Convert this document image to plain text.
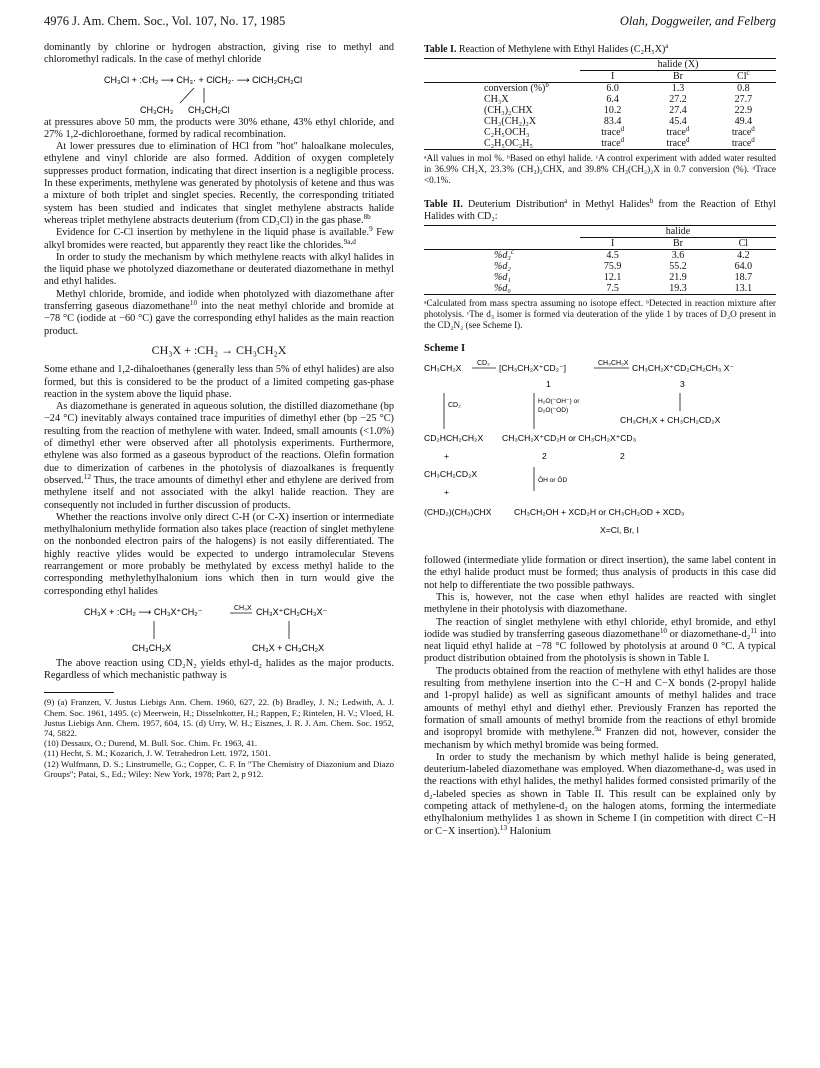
4976 J. Am. Chem. Soc., Vol. 107, No. 17, 1985	Olah, Doggweiler, and Felberg

dominantly by chlorine or hydrogen abstraction, giving rise to methyl and chloromethyl radicals. In the case of methyl chloride

CH₃Cl + :CH₂ ⟶ CH₃· + ClCH₂· ⟶ ClCH₂CH₂Cl
CH₃CH₃ CH₃CH₂Cl

at pressures above 50 mm, the products were 30% ethane, 43% ethyl chloride, and 27% 1,2-dichloroethane, formed by radical recombination.

At lower pressures due to elimination of HCl from "hot" haloalkane molecules, ethylene and vinyl chloride are also formed. Addition of oxygen completely suppresses product formation, indicating that direct insertion is a negligible process. In these experiments, methylene was generated by photolysis of ketene and thus was a mixture of both triplet and singlet species. Recently, the corresponding tritiated system has been studied and indicates that singlet methylene abstracts halide whereas triplet methylene abstracts deuterium (from CD₃Cl) in the gas phase.$^{8b}$

Evidence for C-Cl insertion by methylene in the liquid phase is available.$^9$ Few alkyl bromides were reacted, but apparently they react like the chlorides.$^{9a,d}$

In order to study the mechanism by which methylene reacts with alkyl halides in the liquid phase we photolyzed diazomethane or deuterated diazomethane in methyl and ethyl halides.

Methyl chloride, bromide, and iodide when photolyzed with diazomethane after transferring gaseous diazomethane$^{10}$ into the neat methyl chloride and bromide at −78 °C (iodide at −60 °C) gave the corresponding ethyl halides as the main reaction product.

CH₃X + :CH₂ → CH₃CH₂X

Some ethane and 1,2-dihaloethanes (generally less than 5% of ethyl halides) are also formed, but this is considered to be the product of a limited competing gas-phase reaction in the system above the liquid phase.

As diazomethane is generated in aqueous solution, the distilled diazomethane (bp −24 °C) inevitably always contained trace impurities of dimethyl ether (bp −25 °C) resulting from the reaction of methylene with water. Indeed, small amounts (<1.0%) of dimethyl ether were observed after all photolysis experiments. Furthermore, ethylene was also formed as a gaseous byproduct of the reactions. Olefin formation due to dimerization of carbenes in the photolysis of diazoalkanes is frequently observed.$^{12}$ Thus, the trace amounts of dimethyl ether and ethylene are derived from methylene itself and not associated with the alkyl halide reaction. They are consequently not included in further discussion of products.

Whether the reactions involve only direct C-H (or C-X) insertion or intermediate methylhalonium methylide formation also takes place (reaction of singlet methylene on the nonbonded electron pairs of the halogens) is not easily differentiated. The highly reactive ylides would be expected to undergo intramolecular Stevens rearrangement or more probably be methylated by excess methyl halide to the corresponding methylethylhalonium ions which then in turn would give the corresponding ethyl halides

CH₃X + :CH₂ ⟶ CH₃X⁺CH₂⁻	CH₃X CH₃X⁺CH₂CH₃X⁻
CH₃CH₂X	CH₃X + CH₃CH₂X

The above reaction using CD₂N₂ yields ethyl-d₂ halides as the major products. Regardless of which mechanistic pathway is

(9) (a) Franzen, V. Justus Liebigs Ann. Chem. 1960, 627, 22. (b) Bradley, J. N.; Ledwith, A. J. Chem. Soc. 1961, 1495. (c) Meerwein, H.; Disselnkotter, H.; Rappen, F.; Rintelen, H. V.; Vloed, H. Justus Liebigs Ann. Chem. 1957, 604, 15. (d) Urry, W. H.; Eisznes, J. R. J. Am. Chem. Soc. 1952, 74, 5822.

(10) Dessaux, O.; Durend, M. Bull. Soc. Chim. Fr. 1963, 41.

(11) Hecht, S. M.; Kozarich, J. W. Tetrahedron Lett. 1972, 1501.

(12) Wulfmann, D. S.; Linstrumelle, G.; Copper, C. F. In "The Chemistry of Diazonium and Diazo Groups"; Patai, S., Ed.; Wiley: New York, 1978; Part 2, p 912.

Table I. Reaction of Methylene with Ethyl Halides $(C_2H_5X)^a$
	halide (X)		
	I	Br	Cl$^c$
conversion (%)$^b$	6.0	1.3	0.8
CH₃X	6.4	27.2	27.7
(CH₃)₂CHX	10.2	27.4	22.9
CH₃(CH₂)₂X	83.4	45.4	49.4
C₂H₅OCH₃	trace$^d$	trace$^d$	trace$^d$
C₂H₅OC₂H₅	trace$^d$	trace$^d$	trace$^d$

ᵃAll values in mol %. ᵇBased on ethyl halide. ᶜA control experiment with added water resulted in 36.9% CH₃X, 23.3% (CH₃)₂CHX, and 39.8% CH₃(CH₂)₂X in 0.7 conversion (%). ᵈTrace <0.1%.

Table II. Deuterium Distribution$^a$ in Methyl Halides$^b$ from the Reaction of Ethyl Halides with CD₂:
	halide		
	I	Br	Cl
%d₃$^c$	4.5	3.6	4.2
%d₂	75.9	55.2	64.0
%d₁	12.1	21.9	18.7
%d₀	7.5	19.3	13.1

ᵃCalculated from mass spectra assuming no isotope effect. ᵇDetected in reaction mixture after photolysis. ᶜThe d₃ isomer is formed via deuteration of the ylide 1 by traces of D₂O present in the CD₂N₂ (see Scheme I).

Scheme I
CH₃CH₂X CD₂ [CH₃CH₂X⁺CD₂⁻]	CH₃CH₂X CH₃CH₂X⁺CD₂CH₂CH₃ X⁻
1	3
CD₂
H₂O(⁻OH⁻) or
D₂O(⁻OD)
CH₃CH₂X + CH₃CH₂CD₂X
CD₂HCH₂CH₂X CH₃CH₂X⁺CD₂H or CH₃CH₂X⁺CD₃
+	2	2
CH₃CH₂CD₂X
ŌH or ŌD
+
(CHD₂)(CH₃)CHX	CH₃CH₂OH + XCD₂H or CH₃CH₂OD + XCD₃
X=Cl, Br, I

followed (intermediate ylide formation or direct insertion), the same label content in the ethyl halide product must be formed; thus analysis of products in this case did not help to differentiate the two possible pathways.

This is, however, not the case when ethyl halides are reacted with singlet methylene in their photolysis with diazomethane.

The reaction of singlet methylene with ethyl chloride, ethyl bromide, and ethyl iodide was studied by transferring gaseous diazomethane$^{10}$ or diazomethane-d₂$^{11}$ into neat liquid ethyl halide at −78 °C followed by photolysis at around 0 °C. A typical product distribution obtained from the photolysis is shown in Table I.

The products obtained from the reaction of methylene with ethyl halides are those resulting from methylene insertion into the C−H and C−X bonds (2-propyl halide and 1-propyl halide) as well as significant amounts of methyl halides and trace amounts of methyl ethyl and diethyl ether. Previously Franzen has reported the formation of small amounts of methyl bromide from the reactions of ethyl bromide and isopropyl bromide with methylene.$^{9a}$ Franzen did not, however, consider the mechanism by which methyl bromide was being formed.

In order to study the mechanism by which methyl halide is being generated, deuterium-labeled diazomethane was employed. When diazomethane-d₂ was used in the reactions with ethyl halides, the methyl halides formed consisted primarily of the d₂-labeled species as shown in Table II. This result can be explained only by competing attack of methylene-d₂ on the halogen atoms, forming the intermediate ethylhalonium methylides 1 as shown in Scheme I (in competition with direct C−H or C−X insertion).$^{13}$ Halonium
